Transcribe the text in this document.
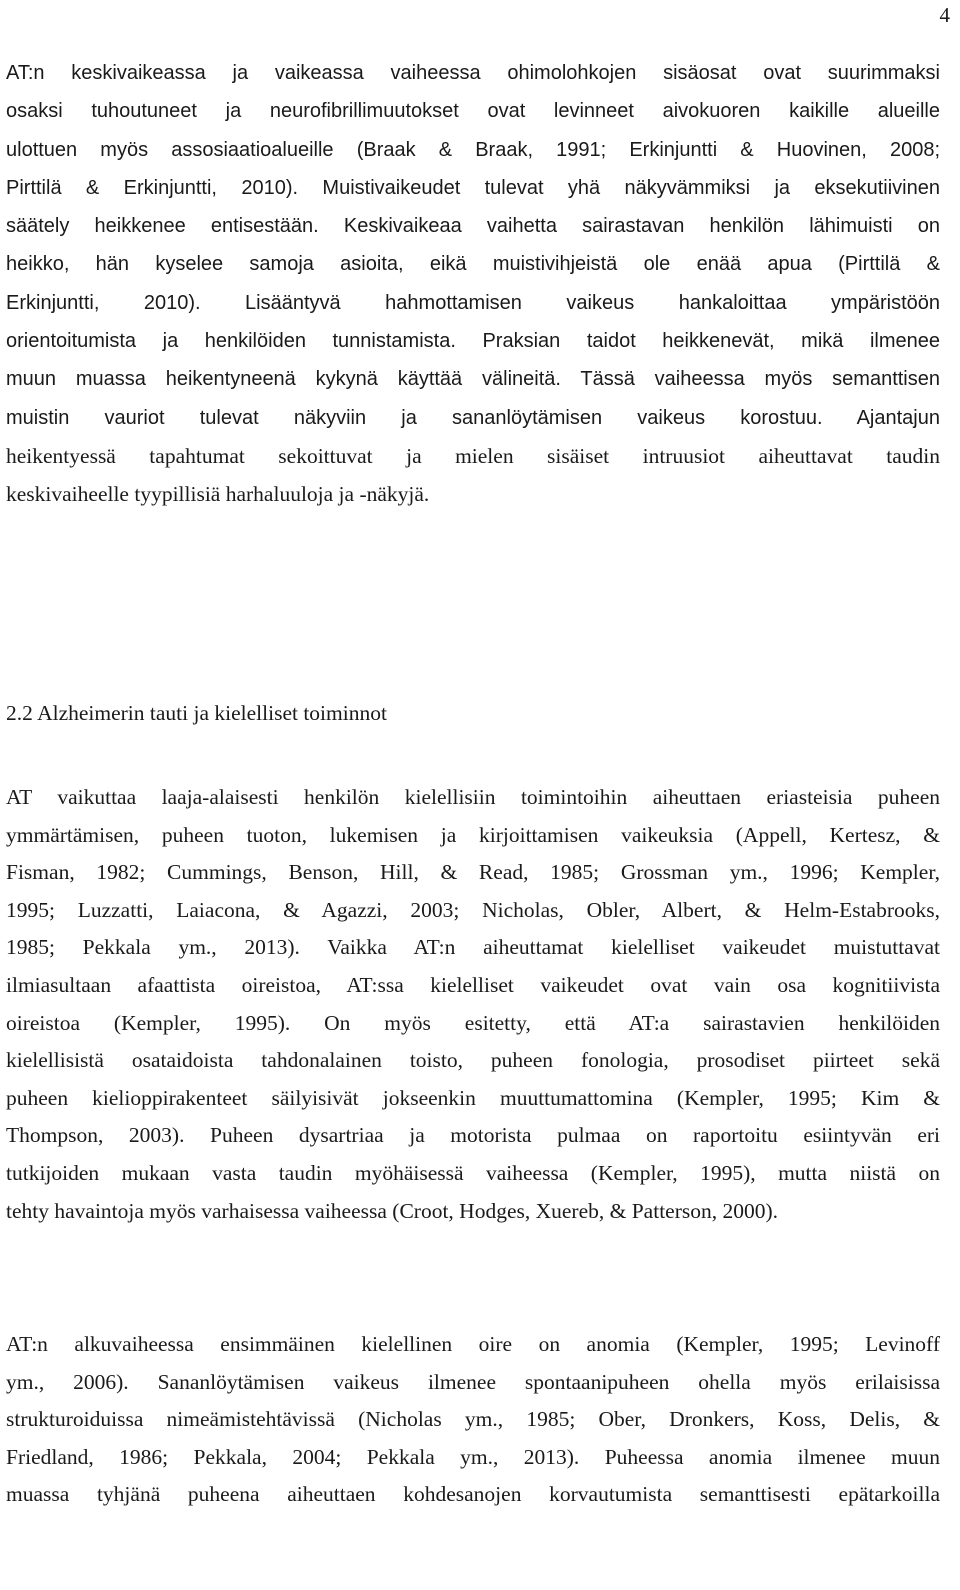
4
AT:n keskivaikeassa ja vaikeassa vaiheessa ohimolohkojen sisäosat ovat suurimmaksi
osaksi tuhoutuneet ja neurofibrillimuutokset ovat levinneet aivokuoren kaikille alueille
ulottuen myös assosiaatioalueille (Braak & Braak, 1991; Erkinjuntti & Huovinen, 2008;
Pirttilä & Erkinjuntti, 2010). Muistivaikeudet tulevat yhä näkyvämmiksi ja eksekutiivinen
säätely heikkenee entisestään. Keskivaikeaa vaihetta sairastavan henkilön lähimuisti on
heikko, hän kyselee samoja asioita, eikä muistivihjeistä ole enää apua (Pirttilä &
Erkinjuntti, 2010). Lisääntyvä hahmottamisen vaikeus hankaloittaa ympäristöön
orientoitumista ja henkilöiden tunnistamista. Praksian taidot heikkenevät, mikä ilmenee
muun muassa heikentyneenä kykynä käyttää välineitä. Tässä vaiheessa myös semanttisen
muistin vauriot tulevat näkyviin ja sananlöytämisen vaikeus korostuu. Ajantajun
heikentyessä tapahtumat sekoittuvat ja mielen sisäiset intruusiot aiheuttavat taudin
keskivaiheelle tyypillisiä harhaluuloja ja -näkyjä.
2.2 Alzheimerin tauti ja kielelliset toiminnot
AT vaikuttaa laaja-alaisesti henkilön kielellisiin toimintoihin aiheuttaen eriasteisia puheen
ymmärtämisen, puheen tuoton, lukemisen ja kirjoittamisen vaikeuksia (Appell, Kertesz, &
Fisman, 1982; Cummings, Benson, Hill, & Read, 1985; Grossman ym., 1996; Kempler,
1995; Luzzatti, Laiacona, & Agazzi, 2003; Nicholas, Obler, Albert, & Helm-Estabrooks,
1985; Pekkala ym., 2013). Vaikka AT:n aiheuttamat kielelliset vaikeudet muistuttavat
ilmiasultaan afaattista oireistoa, AT:ssa kielelliset vaikeudet ovat vain osa kognitiivista
oireistoa (Kempler, 1995). On myös esitetty, että AT:a sairastavien henkilöiden
kielellisistä osataidoista tahdonalainen toisto, puheen fonologia, prosodiset piirteet sekä
puheen kielioppirakenteet säilyisivät jokseenkin muuttumattomina (Kempler, 1995; Kim &
Thompson, 2003). Puheen dysartriaa ja motorista pulmaa on raportoitu esiintyvän eri
tutkijoiden mukaan vasta taudin myöhäisessä vaiheessa (Kempler, 1995), mutta niistä on
tehty havaintoja myös varhaisessa vaiheessa (Croot, Hodges, Xuereb, & Patterson, 2000).
AT:n alkuvaiheessa ensimmäinen kielellinen oire on anomia (Kempler, 1995; Levinoff
ym., 2006). Sananlöytämisen vaikeus ilmenee spontaanipuheen ohella myös erilaisissa
strukturoiduissa nimeämistehtävissä (Nicholas ym., 1985; Ober, Dronkers, Koss, Delis, &
Friedland, 1986; Pekkala, 2004; Pekkala ym., 2013). Puheessa anomia ilmenee muun
muassa tyhjänä puheena aiheuttaen kohdesanojen korvautumista semanttisesti epätarkoilla
